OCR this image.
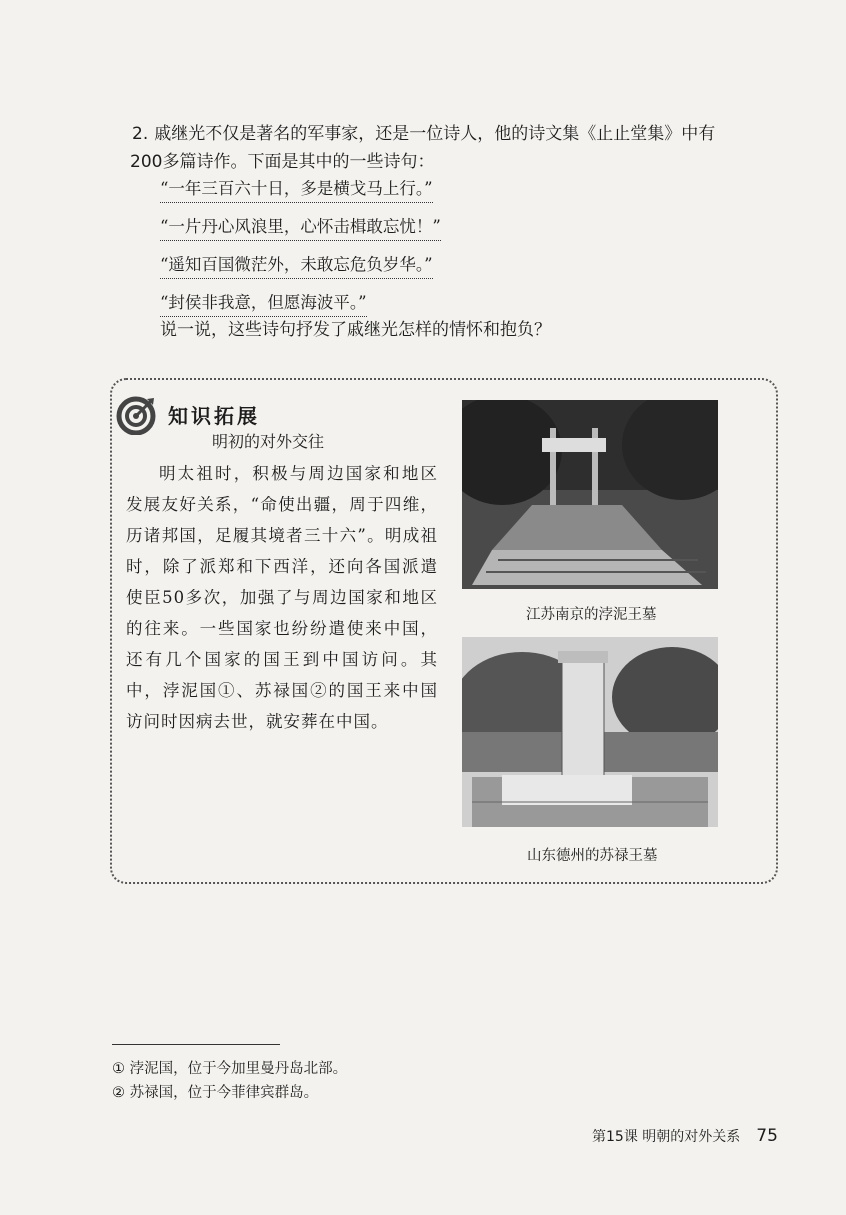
2. 戚继光不仅是著名的军事家，还是一位诗人，他的诗文集《止止堂集》中有
200多篇诗作。下面是其中的一些诗句：
“一年三百六十日，多是横戈马上行。”
“一片丹心风浪里，心怀击楫敢忘忧！”
“遥知百国微茫外，未敢忘危负岁华。”
“封侯非我意，但愿海波平。”
说一说，这些诗句抒发了戚继光怎样的情怀和抱负？
知识拓展
明初的对外交往

明太祖时，积极与周边国家和地区发展友好关系，“命使出疆，周于四维，历诸邦国，足履其境者三十六”。明成祖时，除了派郑和下西洋，还向各国派遣使臣50多次，加强了与周边国家和地区的往来。一些国家也纷纷遣使来中国，还有几个国家的国王到中国访问。其中，浡泥国①、苏禄国②的国王来中国访问时因病去世，就安葬在中国。

江苏南京的浡泥王墓
山东德州的苏禄王墓
① 浡泥国，位于今加里曼丹岛北部。
② 苏禄国，位于今菲律宾群岛。
第15课 明朝的对外关系 75
